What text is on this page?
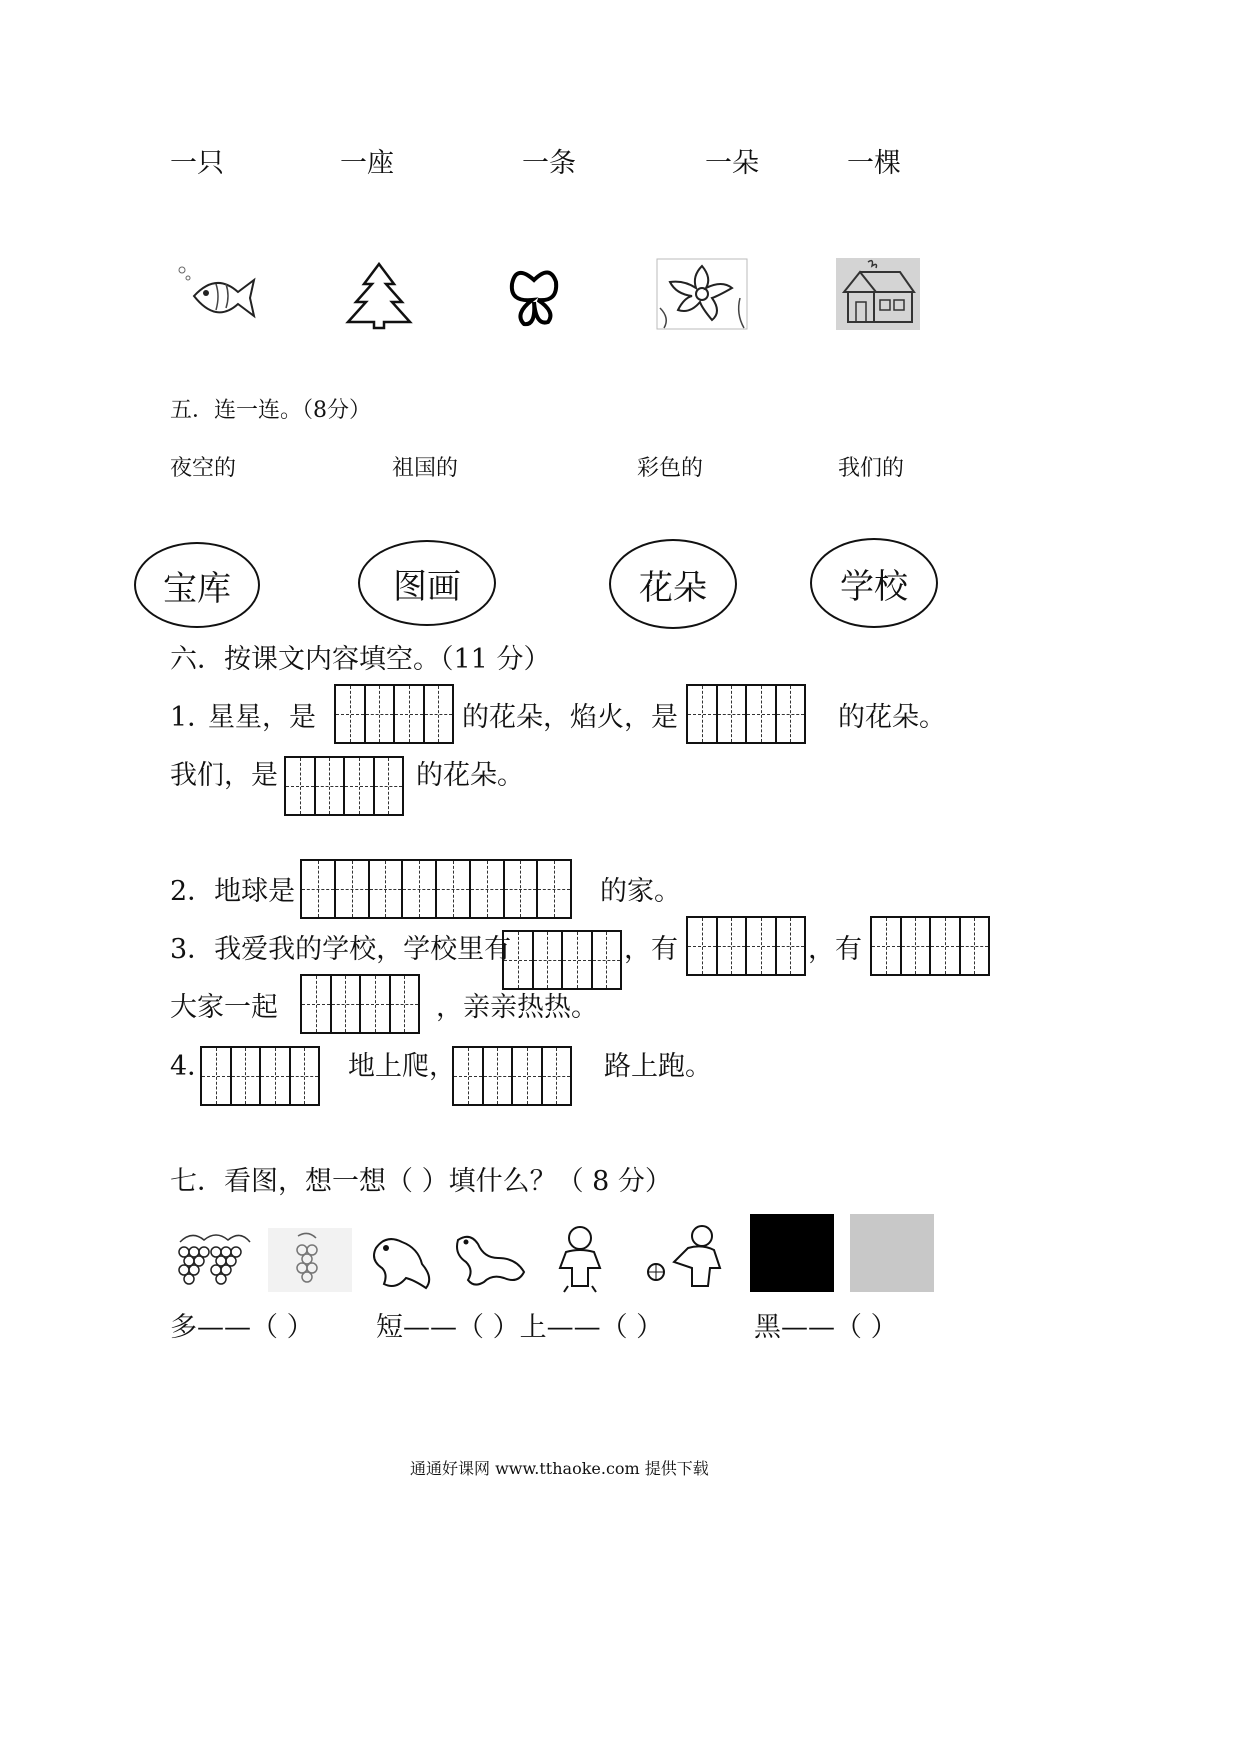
一只	一座	一条	一朵	一棵
五．连一连。（8分）
夜空的	祖国的	彩色的	我们的
宝库	图画	花朵	学校
六．按课文内容填空。（11 分）
1．
星星，是	的花朵，焰火，是	的花朵。
我们，是	的花朵。
2．地球是	的家。
3．我爱我的学校，学校里有	，有	，有
大家一起	，亲亲热热。
4．	地上爬，	路上跑。
七．看图，想一想（ ）填什么？（ 8 分）
多——（ ） 短——（ ）上——（ ）	黑——（ ）
通通好课网 www.tthaoke.com 提供下载
